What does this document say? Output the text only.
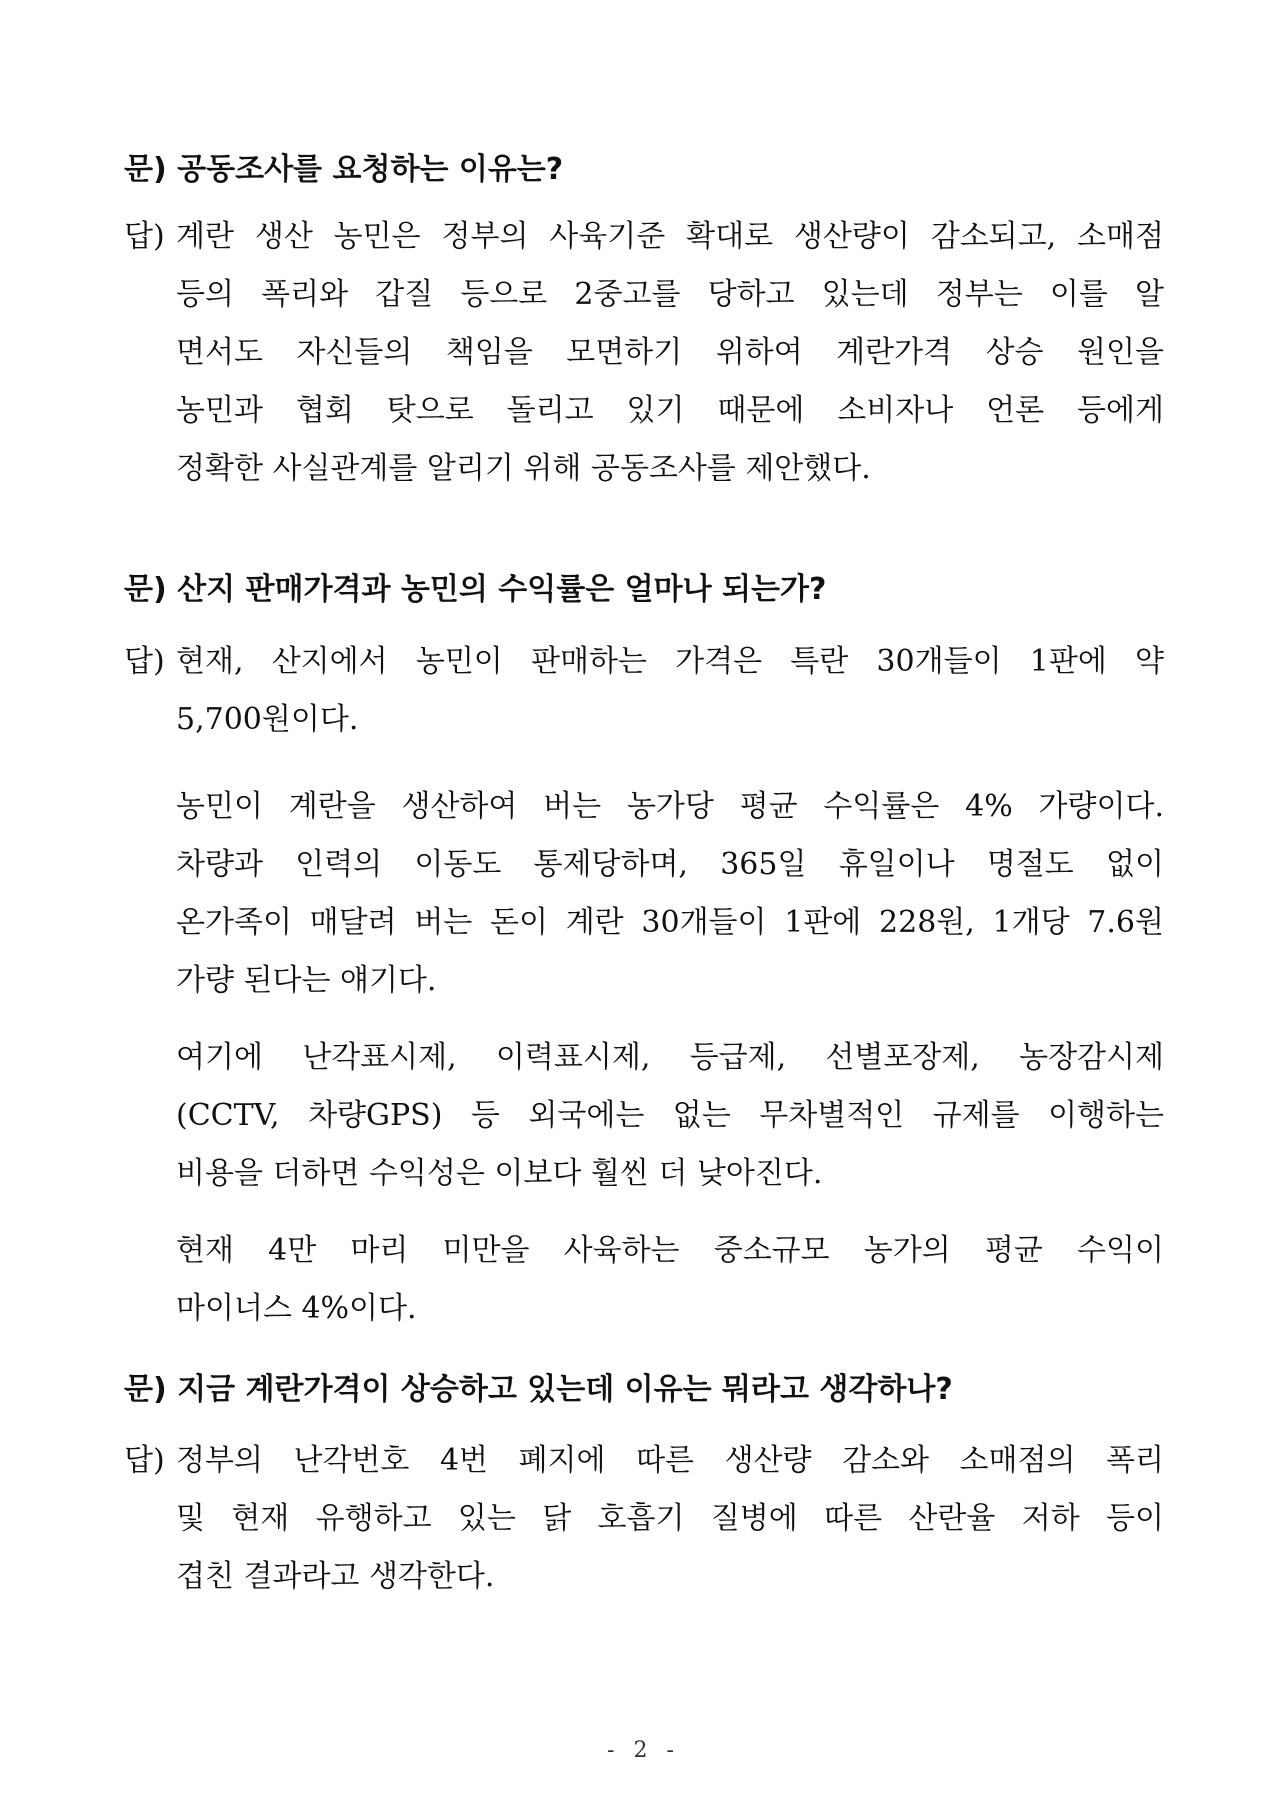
문) 공동조사를 요청하는 이유는?
답) 계란 생산 농민은 정부의 사육기준 확대로 생산량이 감소되고, 소매점
등의 폭리와 갑질 등으로 2중고를 당하고 있는데 정부는 이를 알
면서도 자신들의 책임을 모면하기 위하여 계란가격 상승 원인을
농민과 협회 탓으로 돌리고 있기 때문에 소비자나 언론 등에게
정확한 사실관계를 알리기 위해 공동조사를 제안했다.
문) 산지 판매가격과 농민의 수익률은 얼마나 되는가?
답) 현재, 산지에서 농민이 판매하는 가격은 특란 30개들이 1판에 약
5,700원이다.
농민이 계란을 생산하여 버는 농가당 평균 수익률은 4% 가량이다.
차량과 인력의 이동도 통제당하며, 365일 휴일이나 명절도 없이
온가족이 매달려 버는 돈이 계란 30개들이 1판에 228원, 1개당 7.6원
가량 된다는 얘기다.
여기에 난각표시제, 이력표시제, 등급제, 선별포장제, 농장감시제
(CCTV, 차량GPS) 등 외국에는 없는 무차별적인 규제를 이행하는
비용을 더하면 수익성은 이보다 훨씬 더 낮아진다.
현재 4만 마리 미만을 사육하는 중소규모 농가의 평균 수익이
마이너스 4%이다.
문) 지금 계란가격이 상승하고 있는데 이유는 뭐라고 생각하나?
답) 정부의 난각번호 4번 폐지에 따른 생산량 감소와 소매점의 폭리
및 현재 유행하고 있는 닭 호흡기 질병에 따른 산란율 저하 등이
겹친 결과라고 생각한다.
- 2 -
